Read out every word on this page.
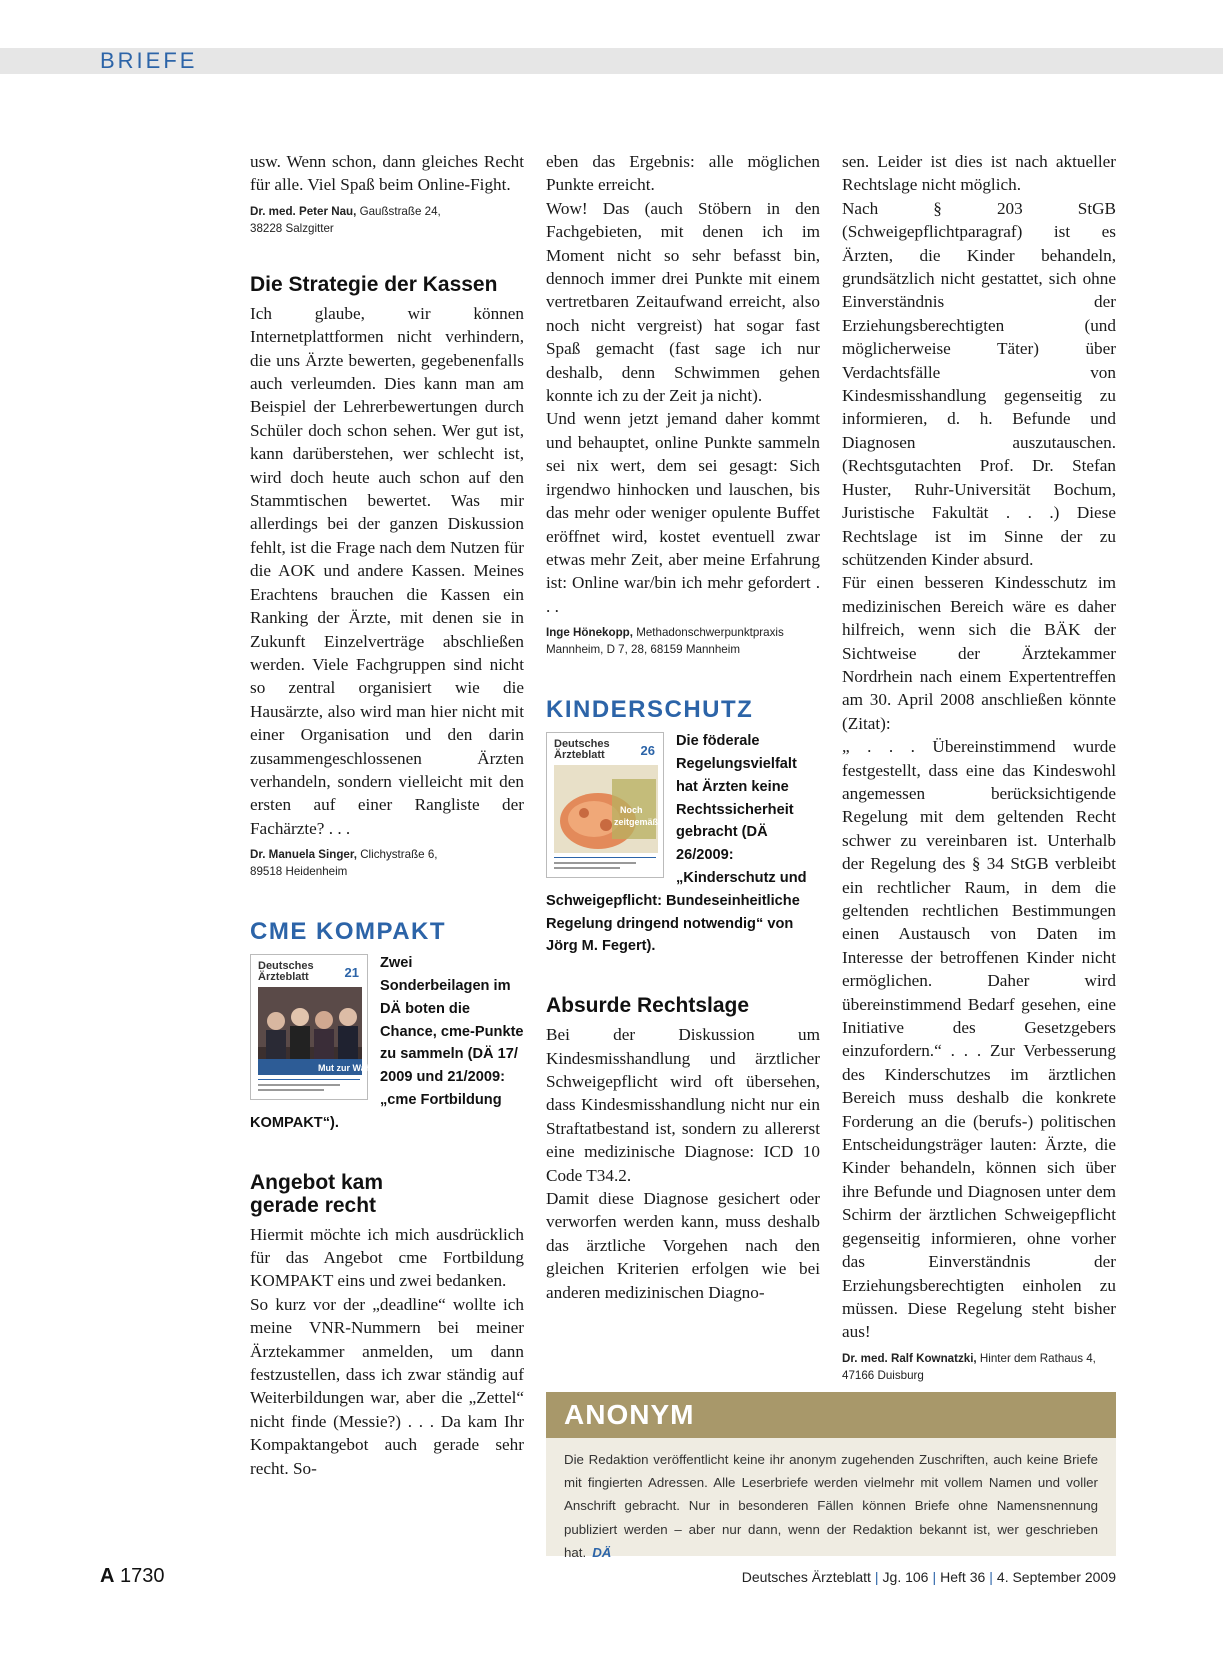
BRIEFE

usw. Wenn schon, dann gleiches Recht für alle. Viel Spaß beim Online-Fight.

Dr. med. Peter Nau, Gaußstraße 24,
38228 Salzgitter

Die Strategie der Kassen

Ich glaube, wir können Internetplattformen nicht verhindern, die uns Ärzte bewerten, gegebenenfalls auch verleumden. Dies kann man am Beispiel der Lehrerbewertungen durch Schüler doch schon sehen. Wer gut ist, kann darüberstehen, wer schlecht ist, wird doch heute auch schon auf den Stammtischen bewertet. Was mir allerdings bei der ganzen Diskussion fehlt, ist die Frage nach dem Nutzen für die AOK und andere Kassen. Meines Erachtens brauchen die Kassen ein Ranking der Ärzte, mit denen sie in Zukunft Einzelverträge abschließen werden. Viele Fachgruppen sind nicht so zentral organisiert wie die Hausärzte, also wird man hier nicht mit einer Organisation und den darin zusammengeschlossenen Ärzten verhandeln, sondern vielleicht mit den ersten auf einer Rangliste der Fachärzte? . . .

Dr. Manuela Singer, Clichystraße 6,
89518 Heidenheim

CME KOMPAKT
Deutsches
Ärzteblatt	21
Mut zur Wahrheit
Zwei Sonderbeilagen im DÄ boten die Chance, cme-Punkte zu sammeln (DÄ 17/ 2009 und 21/2009: „cme Fortbildung KOMPAKT“).
Angebot kam
gerade recht

Hiermit möchte ich mich ausdrücklich für das Angebot cme Fortbildung KOMPAKT eins und zwei bedanken.

So kurz vor der „deadline“ wollte ich meine VNR-Nummern bei meiner Ärztekammer anmelden, um dann festzustellen, dass ich zwar ständig auf Weiterbildungen war, aber die „Zettel“ nicht finde (Messie?) . . . Da kam Ihr Kompaktangebot auch gerade sehr recht. So-

eben das Ergebnis: alle möglichen Punkte erreicht.

Wow! Das (auch Stöbern in den Fachgebieten, mit denen ich im Moment nicht so sehr befasst bin, dennoch immer drei Punkte mit einem vertretbaren Zeitaufwand erreicht, also noch nicht vergreist) hat sogar fast Spaß gemacht (fast sage ich nur deshalb, denn Schwimmen gehen konnte ich zu der Zeit ja nicht).

Und wenn jetzt jemand daher kommt und behauptet, online Punkte sammeln sei nix wert, dem sei gesagt: Sich irgendwo hinhocken und lauschen, bis das mehr oder weniger opulente Buffet eröffnet wird, kostet eventuell zwar etwas mehr Zeit, aber meine Erfahrung ist: Online war/bin ich mehr gefordert . . .

Inge Hönekopp, Methadonschwerpunktpraxis
Mannheim, D 7, 28, 68159 Mannheim

KINDERSCHUTZ
Deutsches
Ärzteblatt	26
Noch
zeitgemäß?
Die föderale Regelungsvielfalt hat Ärzten keine Rechtssicherheit gebracht (DÄ 26/2009: „Kinderschutz und Schweigepflicht: Bundeseinheitliche Regelung dringend notwendig“ von Jörg M. Fegert).
Absurde Rechtslage

Bei der Diskussion um Kindesmisshandlung und ärztlicher Schweigepflicht wird oft übersehen, dass Kindesmisshandlung nicht nur ein Straftatbestand ist, sondern zu allererst eine medizinische Diagnose: ICD 10 Code T34.2.

Damit diese Diagnose gesichert oder verworfen werden kann, muss deshalb das ärztliche Vorgehen nach den gleichen Kriterien erfolgen wie bei anderen medizinischen Diagno-

sen. Leider ist dies ist nach aktueller Rechtslage nicht möglich.

Nach § 203 StGB (Schweigepflichtparagraf) ist es Ärzten, die Kinder behandeln, grundsätzlich nicht gestattet, sich ohne Einverständnis der Erziehungsberechtigten (und möglicherweise Täter) über Verdachtsfälle von Kindesmisshandlung gegenseitig zu informieren, d. h. Befunde und Diagnosen auszutauschen. (Rechtsgutachten Prof. Dr. Stefan Huster, Ruhr-Universität Bochum, Juristische Fakultät . . .) Diese Rechtslage ist im Sinne der zu schützenden Kinder absurd.

Für einen besseren Kindesschutz im medizinischen Bereich wäre es daher hilfreich, wenn sich die BÄK der Sichtweise der Ärztekammer Nordrhein nach einem Expertentreffen am 30. April 2008 anschließen könnte (Zitat):

„ . . . Übereinstimmend wurde festgestellt, dass eine das Kindeswohl angemessen berücksichtigende Regelung mit dem geltenden Recht schwer zu vereinbaren ist. Unterhalb der Regelung des § 34 StGB verbleibt ein rechtlicher Raum, in dem die geltenden rechtlichen Bestimmungen einen Austausch von Daten im Interesse der betroffenen Kinder nicht ermöglichen. Daher wird übereinstimmend Bedarf gesehen, eine Initiative des Gesetzgebers einzufordern.“ . . . Zur Verbesserung des Kinderschutzes im ärztlichen Bereich muss deshalb die konkrete Forderung an die (berufs-) politischen Entscheidungsträger lauten: Ärzte, die Kinder behandeln, können sich über ihre Befunde und Diagnosen unter dem Schirm der ärztlichen Schweigepflicht gegenseitig informieren, ohne vorher das Einverständnis der Erziehungsberechtigten einholen zu müssen. Diese Regelung steht bisher aus!

Dr. med. Ralf Kownatzki, Hinter dem Rathaus 4,
47166 Duisburg

ANONYM
Die Redaktion veröffentlicht keine ihr anonym zugehenden Zuschriften, auch keine Briefe mit fingierten Adressen. Alle Leserbriefe werden vielmehr mit vollem Namen und voller Anschrift gebracht. Nur in besonderen Fällen können Briefe ohne Namensnennung publiziert werden – aber nur dann, wenn der Redaktion bekannt ist, wer geschrieben hat. DÄ
A 1730	Deutsches Ärzteblatt | Jg. 106 | Heft 36 | 4. September 2009
